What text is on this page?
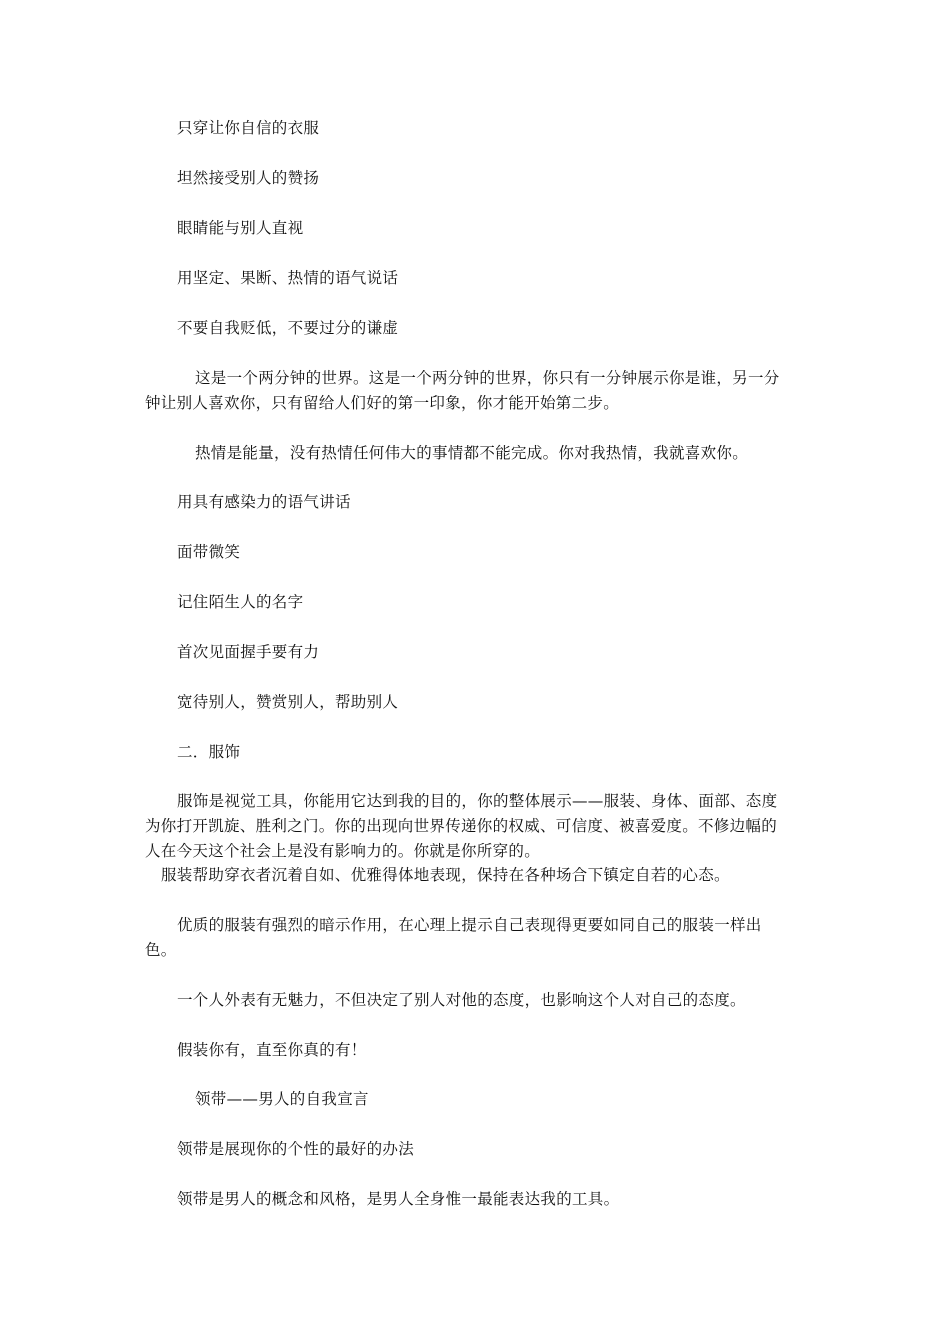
只穿让你自信的衣服
坦然接受别人的赞扬
眼睛能与别人直视
用坚定、果断、热情的语气说话
不要自我贬低，不要过分的谦虚
这是一个两分钟的世界。这是一个两分钟的世界，你只有一分钟展示你是谁，另一分
钟让别人喜欢你，只有留给人们好的第一印象，你才能开始第二步。
热情是能量，没有热情任何伟大的事情都不能完成。你对我热情，我就喜欢你。
用具有感染力的语气讲话
面带微笑
记住陌生人的名字
首次见面握手要有力
宽待别人，赞赏别人，帮助别人
二．服饰
服饰是视觉工具，你能用它达到我的目的，你的整体展示——服装、身体、面部、态度
为你打开凯旋、胜利之门。你的出现向世界传递你的权威、可信度、被喜爱度。不修边幅的
人在今天这个社会上是没有影响力的。你就是你所穿的。
服装帮助穿衣者沉着自如、优雅得体地表现，保持在各种场合下镇定自若的心态。
优质的服装有强烈的暗示作用，在心理上提示自己表现得更要如同自己的服装一样出
色。
一个人外表有无魅力，不但决定了别人对他的态度，也影响这个人对自己的态度。
假装你有，直至你真的有！
领带——男人的自我宣言
领带是展现你的个性的最好的办法
领带是男人的概念和风格，是男人全身惟一最能表达我的工具。
